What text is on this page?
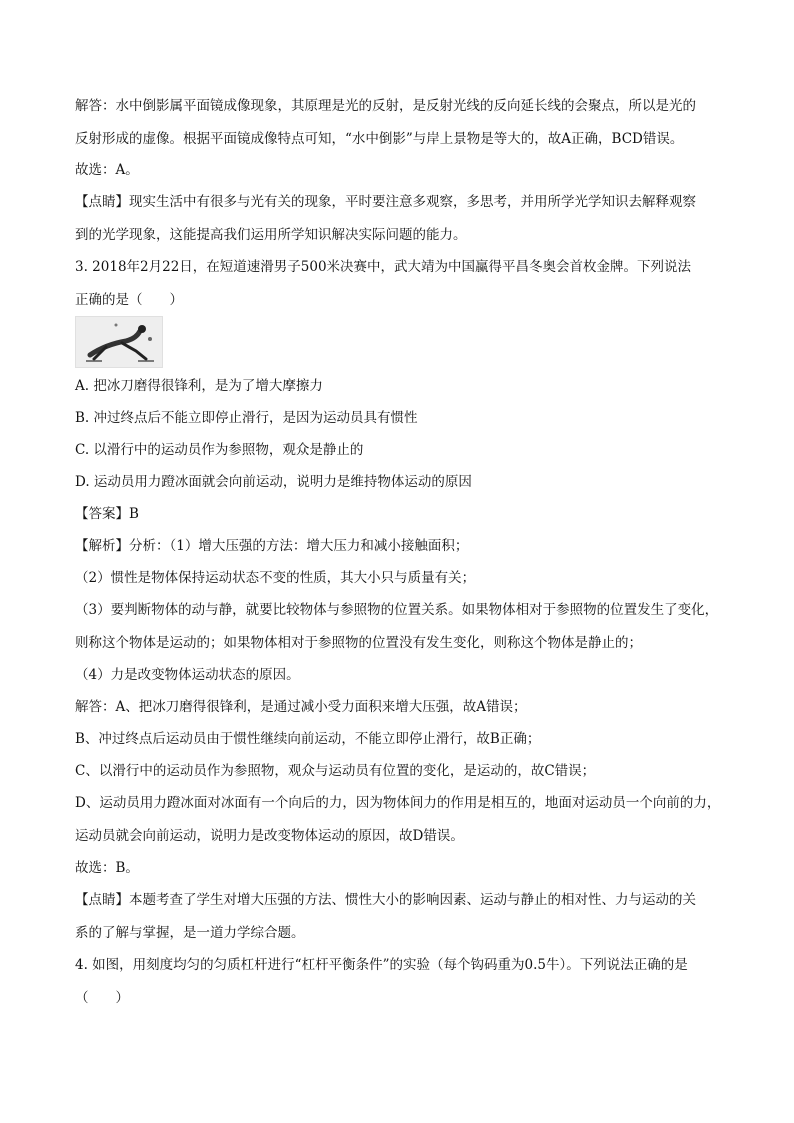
解答：水中倒影属平面镜成像现象，其原理是光的反射，是反射光线的反向延长线的会聚点，所以是光的
反射形成的虚像。根据平面镜成像特点可知，“水中倒影”与岸上景物是等大的，故A正确，BCD错误。
故选：A。
【点睛】现实生活中有很多与光有关的现象，平时要注意多观察，多思考，并用所学光学知识去解释观察
到的光学现象，这能提高我们运用所学知识解决实际问题的能力。
3. 2018年2月22日，在短道速滑男子500米决赛中，武大靖为中国赢得平昌冬奥会首枚金牌。下列说法
正确的是（　　）
A. 把冰刀磨得很锋利，是为了增大摩擦力
B. 冲过终点后不能立即停止滑行，是因为运动员具有惯性
C. 以滑行中的运动员作为参照物，观众是静止的
D. 运动员用力蹬冰面就会向前运动，说明力是维持物体运动的原因
【答案】B
【解析】分析：（1）增大压强的方法：增大压力和减小接触面积；
（2）惯性是物体保持运动状态不变的性质，其大小只与质量有关；
（3）要判断物体的动与静，就要比较物体与参照物的位置关系。如果物体相对于参照物的位置发生了变化，
则称这个物体是运动的；如果物体相对于参照物的位置没有发生变化，则称这个物体是静止的；
（4）力是改变物体运动状态的原因。
解答：A、把冰刀磨得很锋利，是通过减小受力面积来增大压强，故A错误；
B、冲过终点后运动员由于惯性继续向前运动，不能立即停止滑行，故B正确；
C、以滑行中的运动员作为参照物，观众与运动员有位置的变化，是运动的，故C错误；
D、运动员用力蹬冰面对冰面有一个向后的力，因为物体间力的作用是相互的，地面对运动员一个向前的力，
运动员就会向前运动，说明力是改变物体运动的原因，故D错误。
故选：B。
【点睛】本题考查了学生对增大压强的方法、惯性大小的影响因素、运动与静止的相对性、力与运动的关
系的了解与掌握，是一道力学综合题。
4. 如图，用刻度均匀的匀质杠杆进行“杠杆平衡条件”的实验（每个钩码重为0.5牛）。下列说法正确的是
（　　）
